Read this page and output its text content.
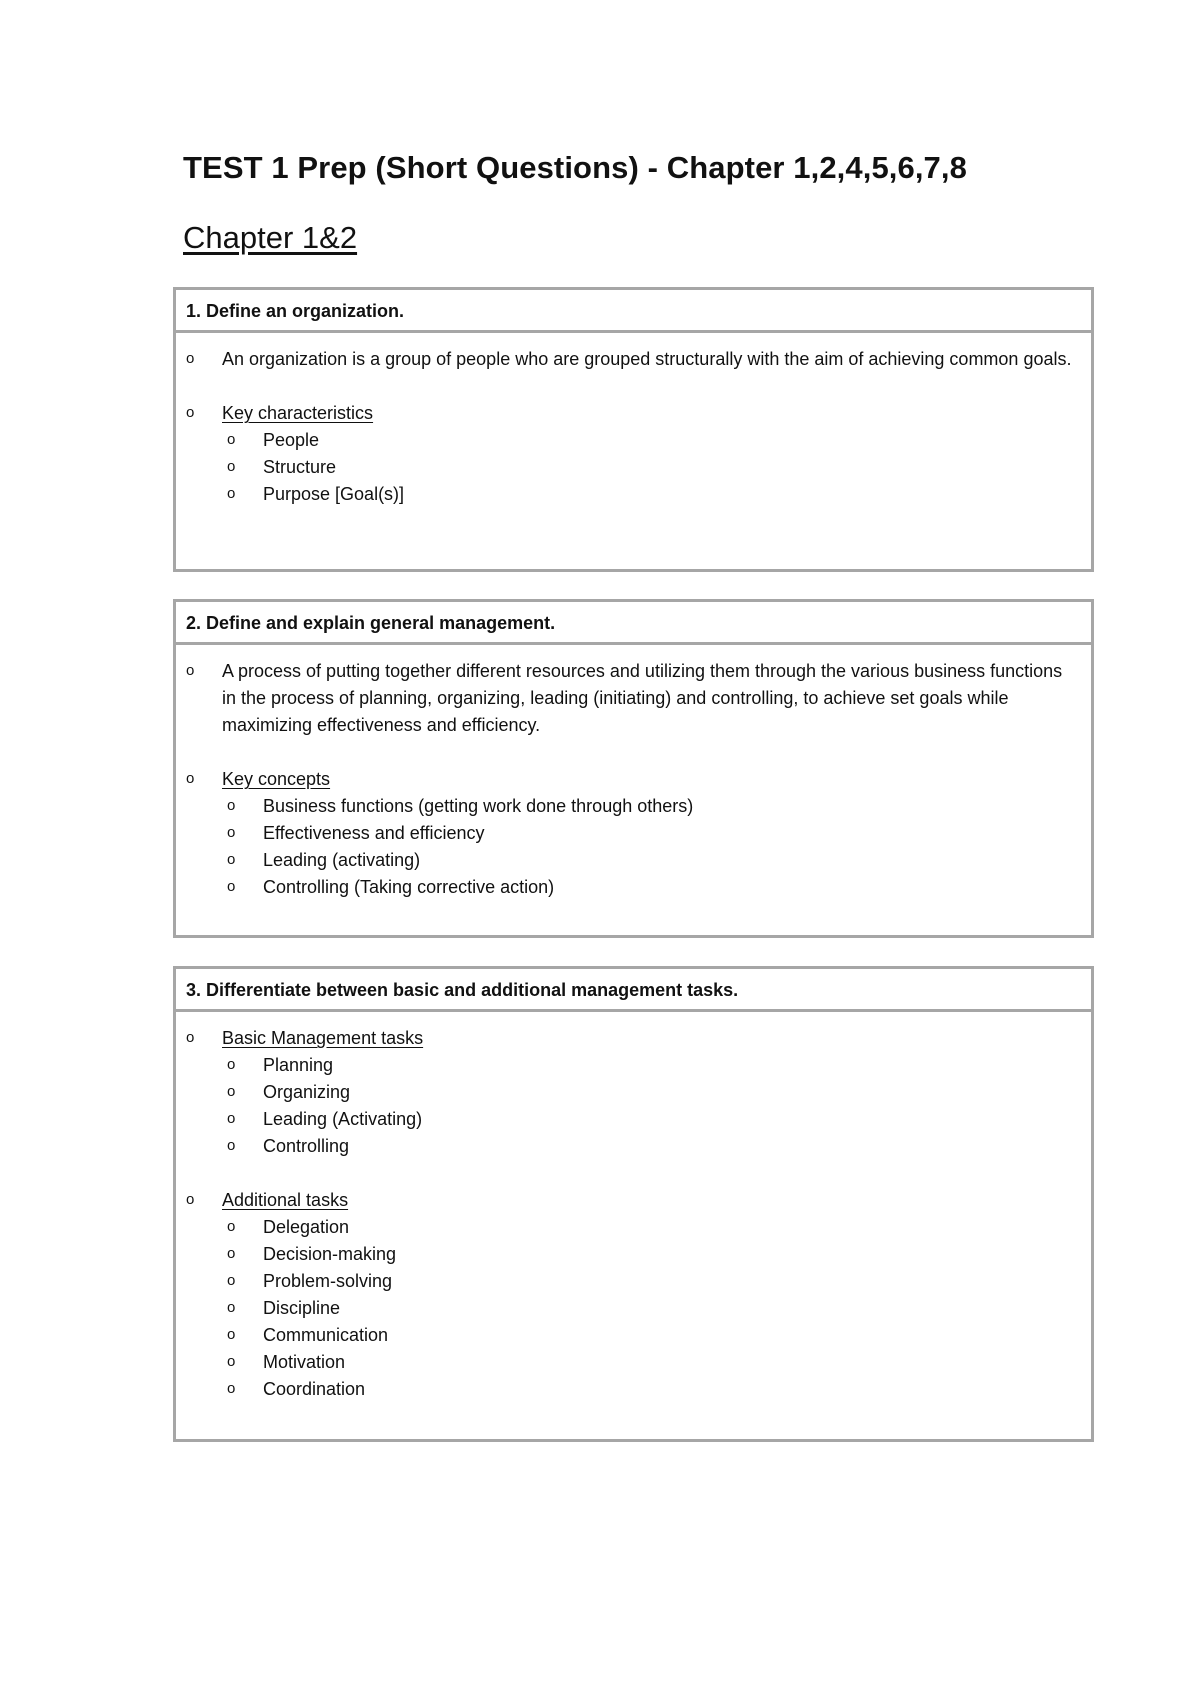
TEST 1 Prep (Short Questions) - Chapter 1,2,4,5,6,7,8
Chapter 1&2
1. Define an organization.
o An organization is a group of people who are grouped structurally with the aim of achieving common goals.
o Key characteristics
o People
o Structure
o Purpose [Goal(s)]
2. Define and explain general management.
o A process of putting together different resources and utilizing them through the various business functions in the process of planning, organizing, leading (initiating) and controlling, to achieve set goals while maximizing effectiveness and efficiency.
o Key concepts
o Business functions (getting work done through others)
o Effectiveness and efficiency
o Leading (activating)
o Controlling (Taking corrective action)
3. Differentiate between basic and additional management tasks.
o Basic Management tasks
o Planning
o Organizing
o Leading (Activating)
o Controlling
o Additional tasks
o Delegation
o Decision-making
o Problem-solving
o Discipline
o Communication
o Motivation
o Coordination
